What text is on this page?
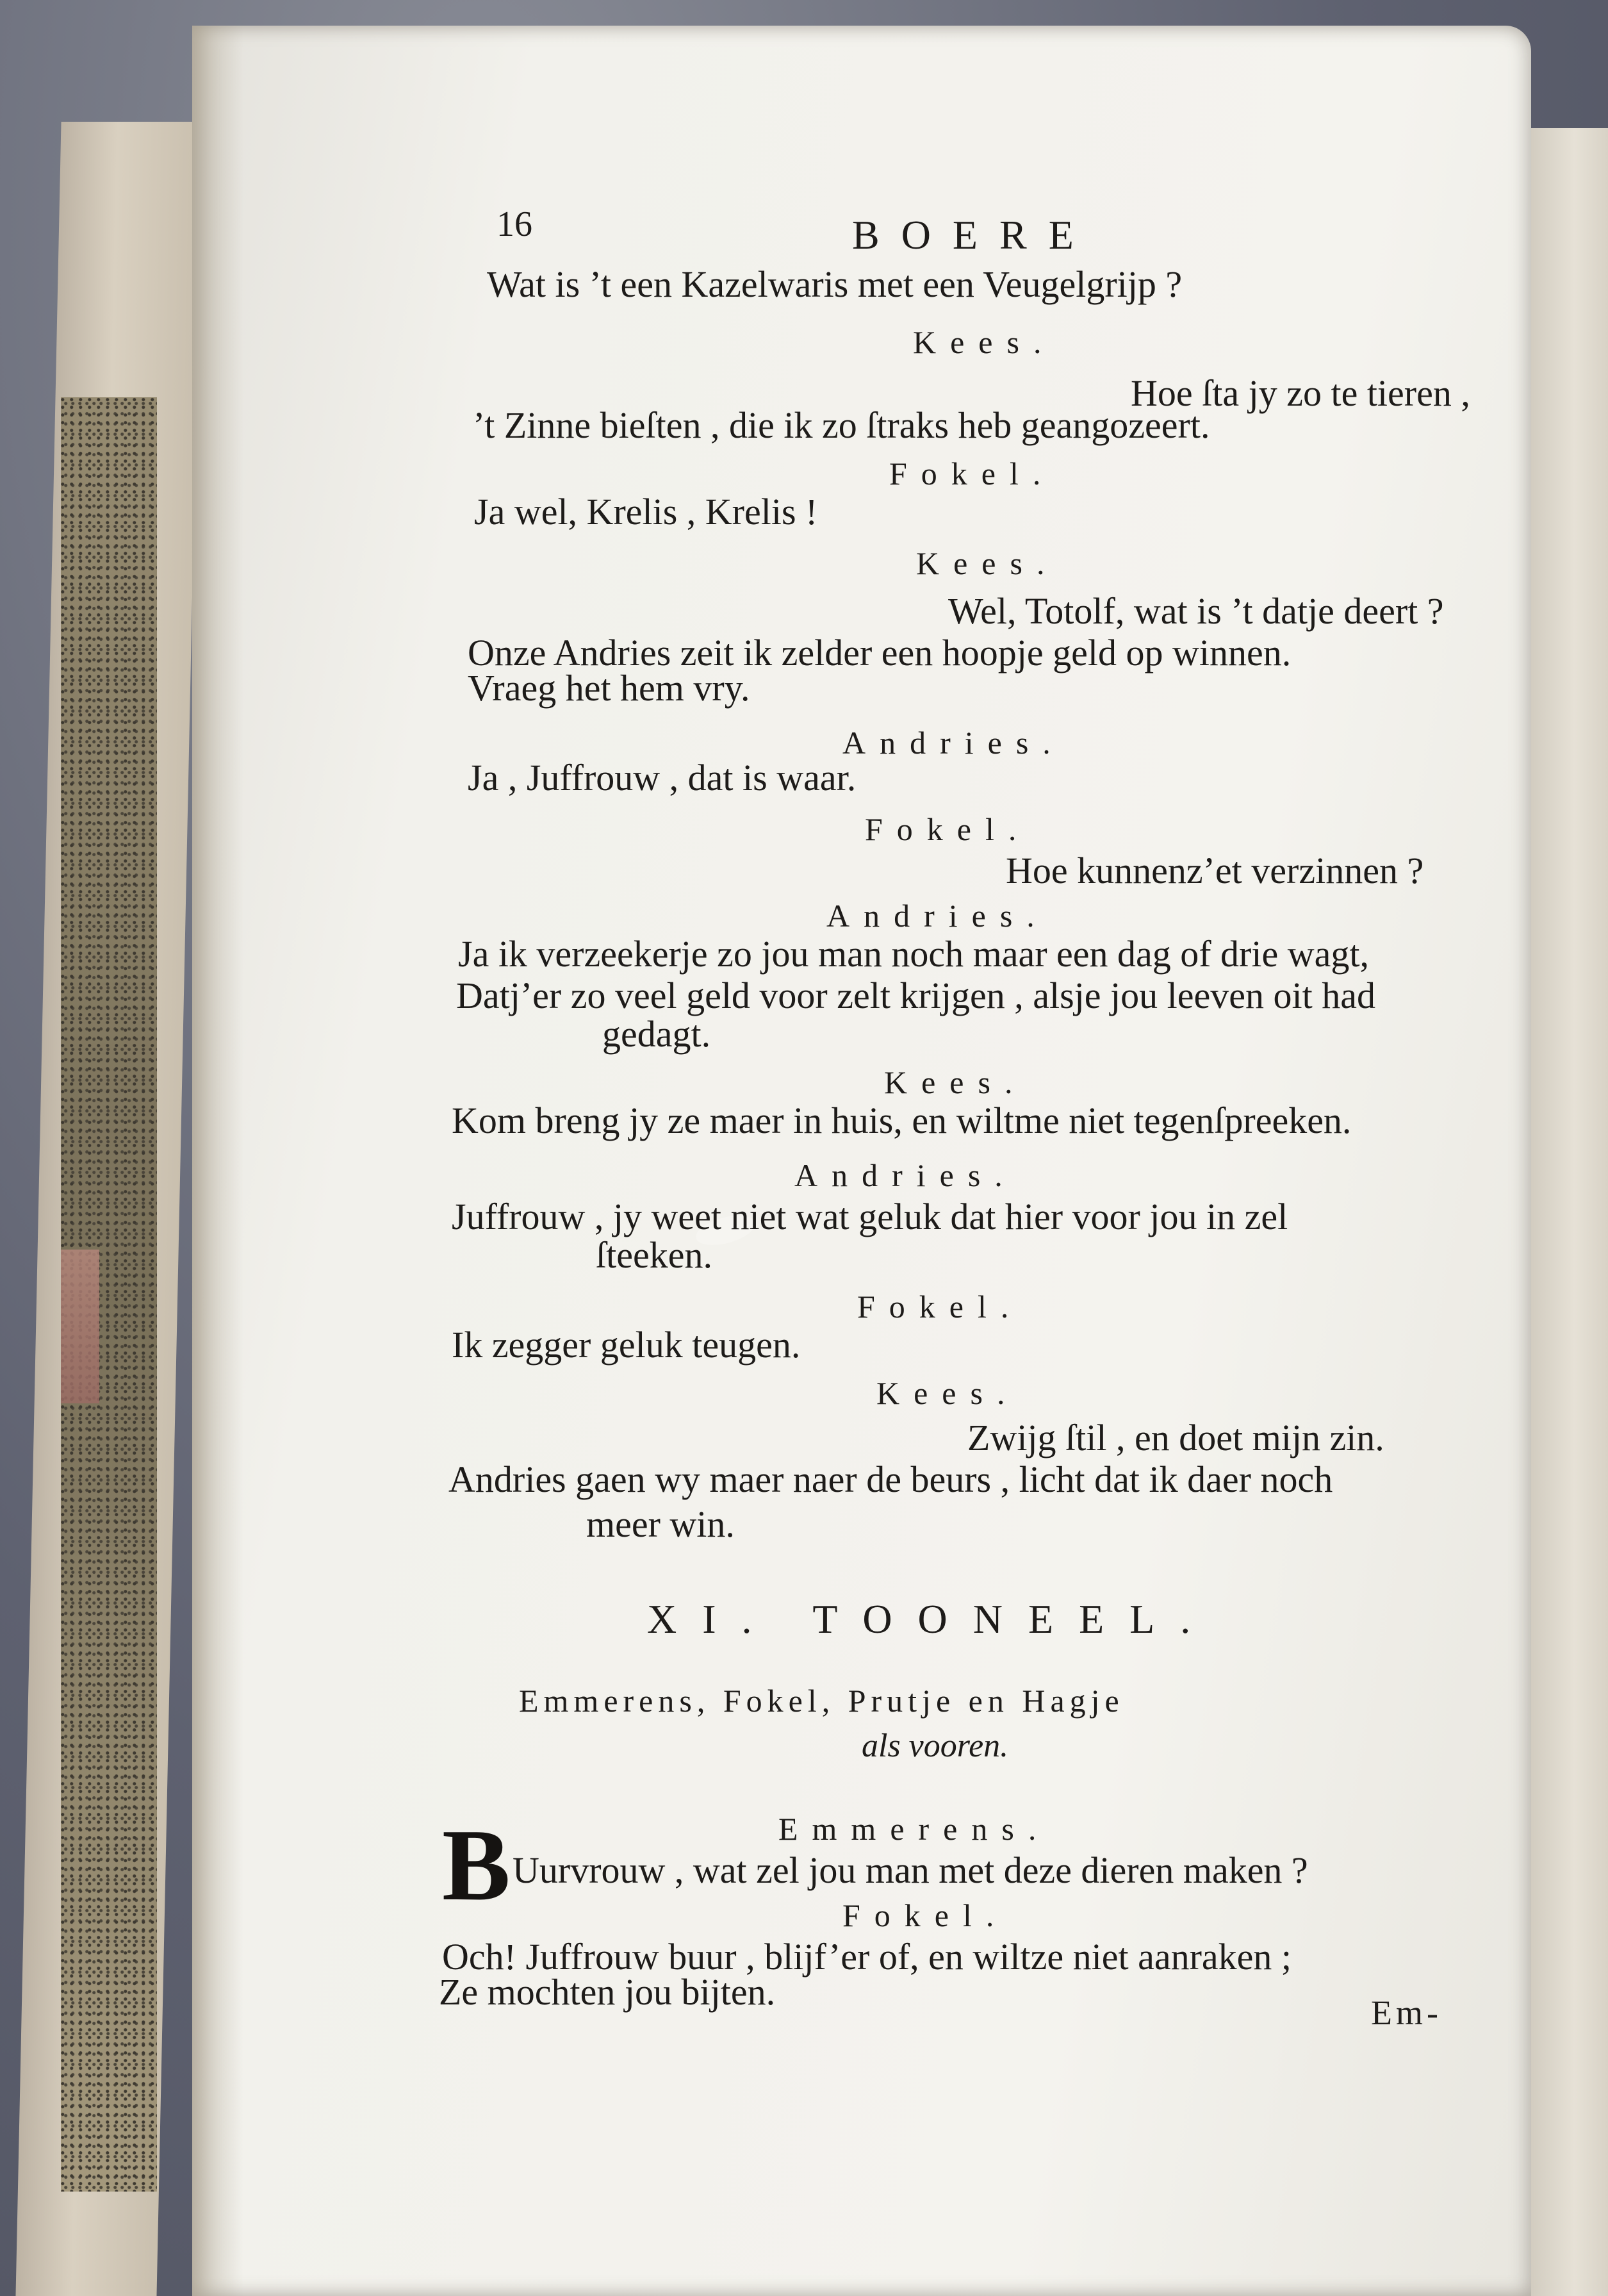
16	BOERE
Wat is ’t een Kazelwaris met een Veugelgrijp ?
Kees.
Hoe ſta jy zo te tieren ,
’t Zinne bieſten , die ik zo ſtraks heb geangozeert.
Fokel.
Ja wel, Krelis , Krelis !
Kees.
Wel, Totolf, wat is ’t datje deert ?
Onze Andries zeit ik zelder een hoopje geld op winnen.
Vraeg het hem vry.
Andries.
Ja , Juffrouw , dat is waar.
Fokel.
Hoe kunnenz’et verzinnen ?
Andries.
Ja ik verzeekerje zo jou man noch maar een dag of drie wagt,
Datj’er zo veel geld voor zelt krijgen , alsje jou leeven oit had
gedagt.
Kees.
Kom breng jy ze maer in huis, en wiltme niet tegenſpreeken.
Andries.
Juffrouw , jy weet niet wat geluk dat hier voor jou in zel
ſteeken.
Fokel.
Ik zegger geluk teugen.
Kees.
Zwijg ſtil , en doet mijn zin.
Andries gaen wy maer naer de beurs , licht dat ik daer noch
meer win.
XI. TOONEEL.
Emmerens, Fokel, Prutje en Hagje
als vooren.
Emmerens.
B Uurvrouw , wat zel jou man met deze dieren maken ?
Fokel.
Och! Juffrouw buur , blijf’er of, en wiltze niet aanraken ;
Ze mochten jou bijten.	Em-
